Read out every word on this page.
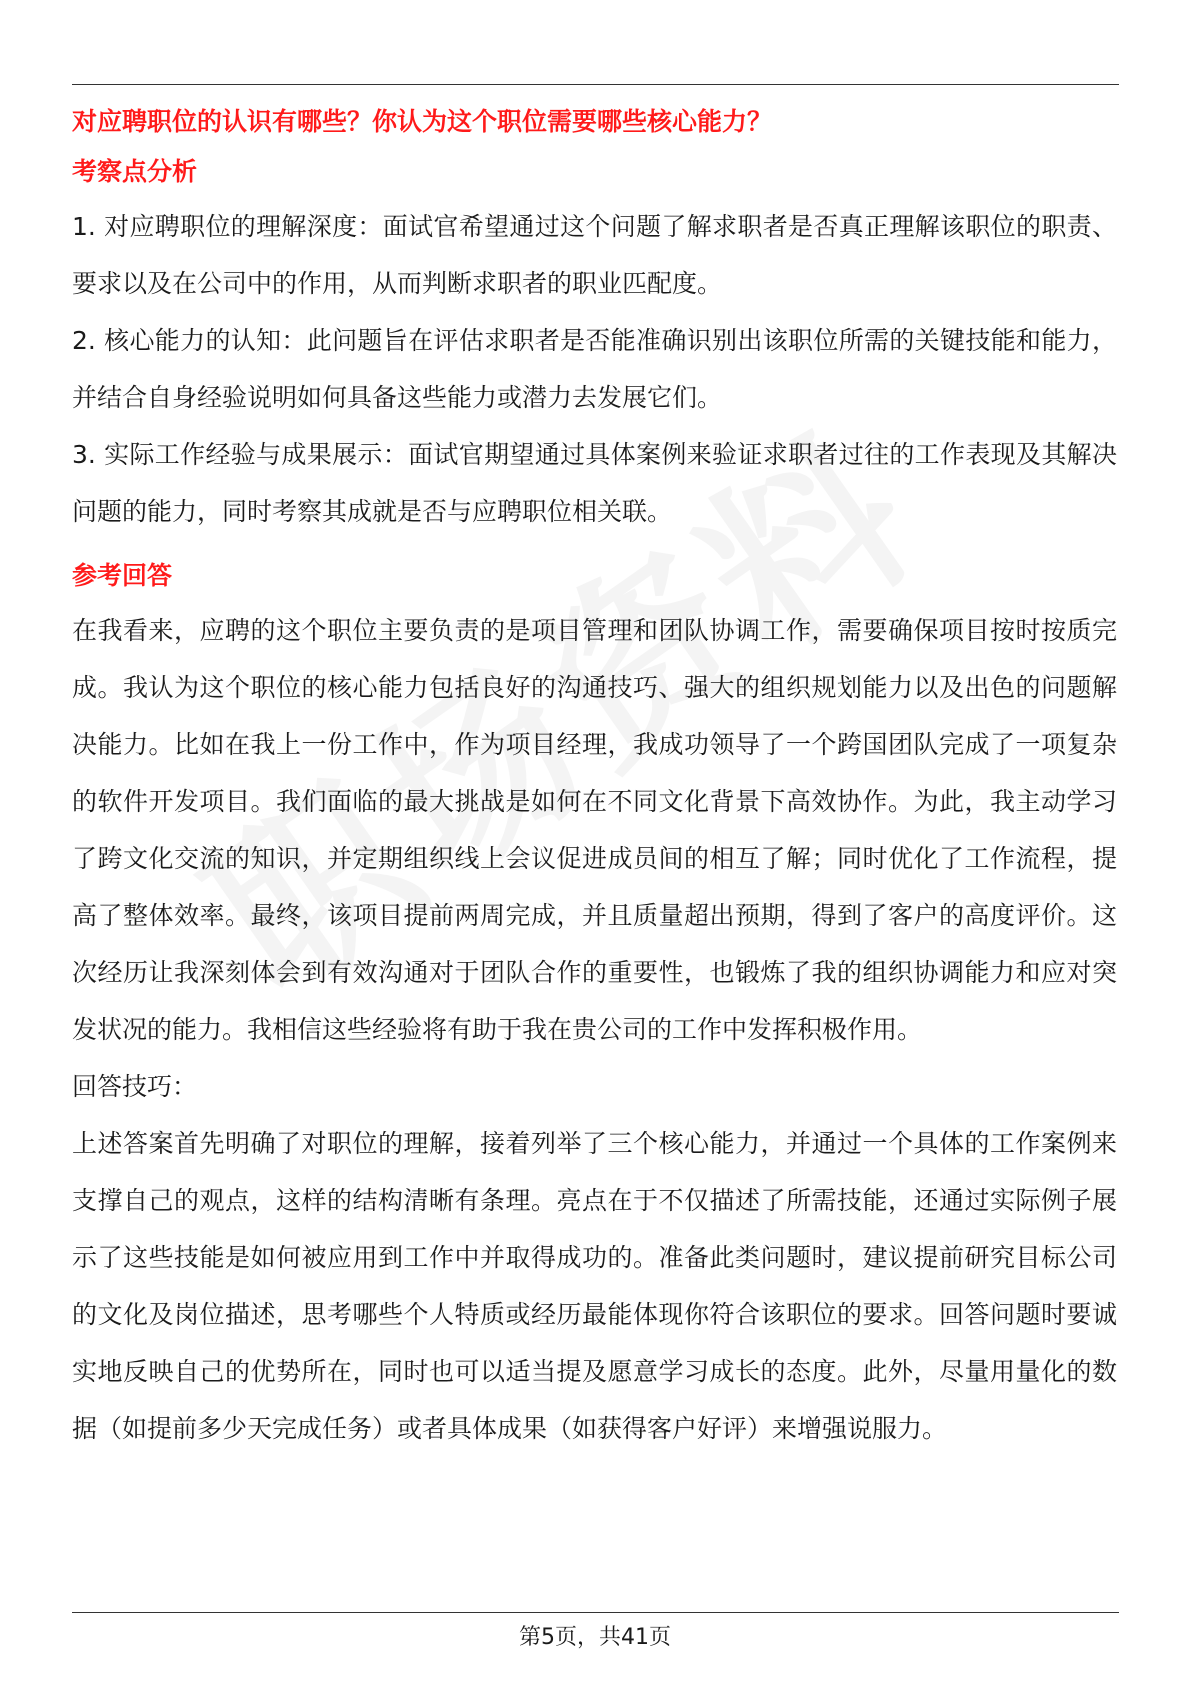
对应聘职位的认识有哪些？你认为这个职位需要哪些核心能力？

考察点分析

1. 对应聘职位的理解深度：面试官希望通过这个问题了解求职者是否真正理解该职位的职责、要求以及在公司中的作用，从而判断求职者的职业匹配度。

2. 核心能力的认知：此问题旨在评估求职者是否能准确识别出该职位所需的关键技能和能力，并结合自身经验说明如何具备这些能力或潜力去发展它们。

3. 实际工作经验与成果展示：面试官期望通过具体案例来验证求职者过往的工作表现及其解决问题的能力，同时考察其成就是否与应聘职位相关联。

参考回答

在我看来，应聘的这个职位主要负责的是项目管理和团队协调工作，需要确保项目按时按质完成。我认为这个职位的核心能力包括良好的沟通技巧、强大的组织规划能力以及出色的问题解决能力。比如在我上一份工作中，作为项目经理，我成功领导了一个跨国团队完成了一项复杂的软件开发项目。我们面临的最大挑战是如何在不同文化背景下高效协作。为此，我主动学习了跨文化交流的知识，并定期组织线上会议促进成员间的相互了解；同时优化了工作流程，提高了整体效率。最终，该项目提前两周完成，并且质量超出预期，得到了客户的高度评价。这次经历让我深刻体会到有效沟通对于团队合作的重要性，也锻炼了我的组织协调能力和应对突发状况的能力。我相信这些经验将有助于我在贵公司的工作中发挥积极作用。

回答技巧：

上述答案首先明确了对职位的理解，接着列举了三个核心能力，并通过一个具体的工作案例来支撑自己的观点，这样的结构清晰有条理。亮点在于不仅描述了所需技能，还通过实际例子展示了这些技能是如何被应用到工作中并取得成功的。准备此类问题时，建议提前研究目标公司的文化及岗位描述，思考哪些个人特质或经历最能体现你符合该职位的要求。回答问题时要诚实地反映自己的优势所在，同时也可以适当提及愿意学习成长的态度。此外，尽量用量化的数据（如提前多少天完成任务）或者具体成果（如获得客户好评）来增强说服力。

第5页，共41页
